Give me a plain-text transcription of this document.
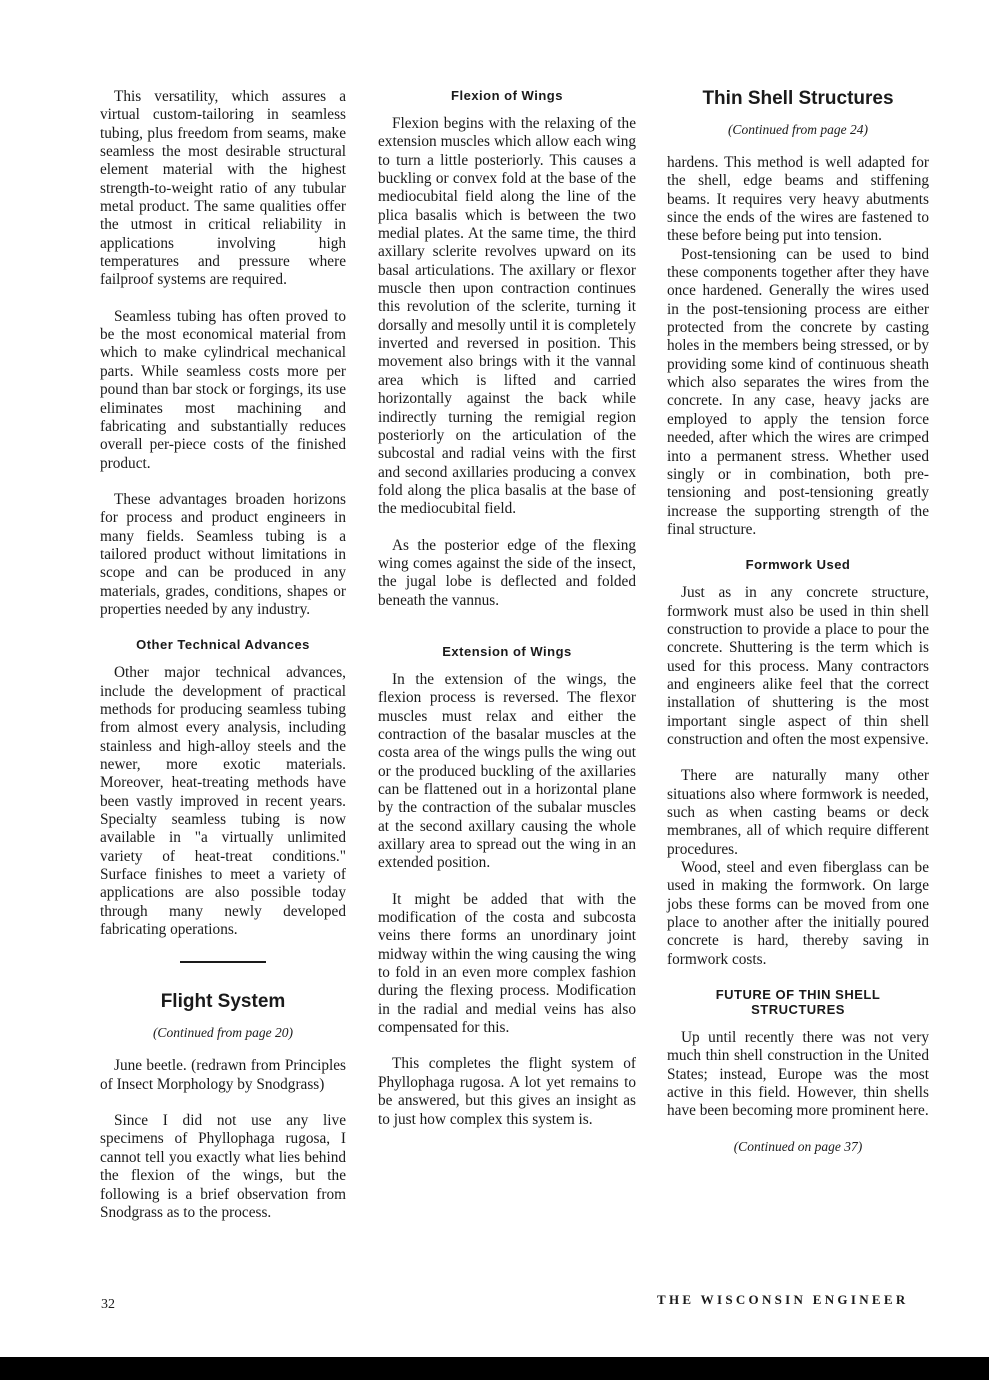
This versatility, which assures a virtual custom-tailoring in seamless tubing, plus freedom from seams, make seamless the most desirable structural element material with the highest strength-to-weight ratio of any tubular metal product. The same qualities offer the utmost in critical reliability in applications involving high temperatures and pressure where failproof systems are required.

Seamless tubing has often proved to be the most economical material from which to make cylindrical mechanical parts. While seamless costs more per pound than bar stock or forgings, its use eliminates most machining and fabricating and substantially reduces overall per-piece costs of the finished product.

These advantages broaden horizons for process and product engineers in many fields. Seamless tubing is a tailored product without limitations in scope and can be produced in any materials, grades, conditions, shapes or properties needed by any industry.

Other Technical Advances

Other major technical advances, include the development of practical methods for producing seamless tubing from almost every analysis, including stainless and high-alloy steels and the newer, more exotic materials. Moreover, heat-treating methods have been vastly improved in recent years. Specialty seamless tubing is now available in "a virtually unlimited variety of heat-treat conditions." Surface finishes to meet a variety of applications are also possible today through many newly developed fabricating operations.

Flight System
(Continued from page 20)

June beetle. (redrawn from Principles of Insect Morphology by Snodgrass)

Since I did not use any live specimens of Phyllophaga rugosa, I cannot tell you exactly what lies behind the flexion of the wings, but the following is a brief observation from Snodgrass as to the process.

Flexion of Wings

Flexion begins with the relaxing of the extension muscles which allow each wing to turn a little posteriorly. This causes a buckling or convex fold at the base of the mediocubital field along the line of the plica basalis which is between the two medial plates. At the same time, the third axillary sclerite revolves upward on its basal articulations. The axillary or flexor muscle then upon contraction continues this revolution of the sclerite, turning it dorsally and mesolly until it is completely inverted and reversed in position. This movement also brings with it the vannal area which is lifted and carried horizontally against the back while indirectly turning the remigial region posteriorly on the articulation of the subcostal and radial veins with the first and second axillaries producing a convex fold along the plica basalis at the base of the mediocubital field.

As the posterior edge of the flexing wing comes against the side of the insect, the jugal lobe is deflected and folded beneath the vannus.

Extension of Wings

In the extension of the wings, the flexion process is reversed. The flexor muscles must relax and either the contraction of the basalar muscles at the costa area of the wings pulls the wing out or the produced buckling of the axillaries can be flattened out in a horizontal plane by the contraction of the subalar muscles at the second axillary causing the whole axillary area to spread out the wing in an extended position.

It might be added that with the modification of the costa and subcosta veins there forms an unordinary joint midway within the wing causing the wing to fold in an even more complex fashion during the flexing process. Modification in the radial and medial veins has also compensated for this.

This completes the flight system of Phyllophaga rugosa. A lot yet remains to be answered, but this gives an insight as to just how complex this system is.

Thin Shell Structures
(Continued from page 24)

hardens. This method is well adapted for the shell, edge beams and stiffening beams. It requires very heavy abutments since the ends of the wires are fastened to these before being put into tension.

Post-tensioning can be used to bind these components together after they have once hardened. Generally the wires used in the post-tensioning process are either protected from the concrete by casting holes in the members being stressed, or by providing some kind of continuous sheath which also separates the wires from the concrete. In any case, heavy jacks are employed to apply the tension force needed, after which the wires are crimped into a permanent stress. Whether used singly or in combination, both pre-tensioning and post-tensioning greatly increase the supporting strength of the final structure.

Formwork Used

Just as in any concrete structure, formwork must also be used in thin shell construction to provide a place to pour the concrete. Shuttering is the term which is used for this process. Many contractors and engineers alike feel that the correct installation of shuttering is the most important single aspect of thin shell construction and often the most expensive.

There are naturally many other situations also where formwork is needed, such as when casting beams or deck membranes, all of which require different procedures.

Wood, steel and even fiberglass can be used in making the formwork. On large jobs these forms can be moved from one place to another after the initially poured concrete is hard, thereby saving in formwork costs.

FUTURE OF THIN SHELL STRUCTURES

Up until recently there was not very much thin shell construction in the United States; instead, Europe was the most active in this field. However, thin shells have been becoming more prominent here.

(Continued on page 37)
32	THE WISCONSIN ENGINEER
